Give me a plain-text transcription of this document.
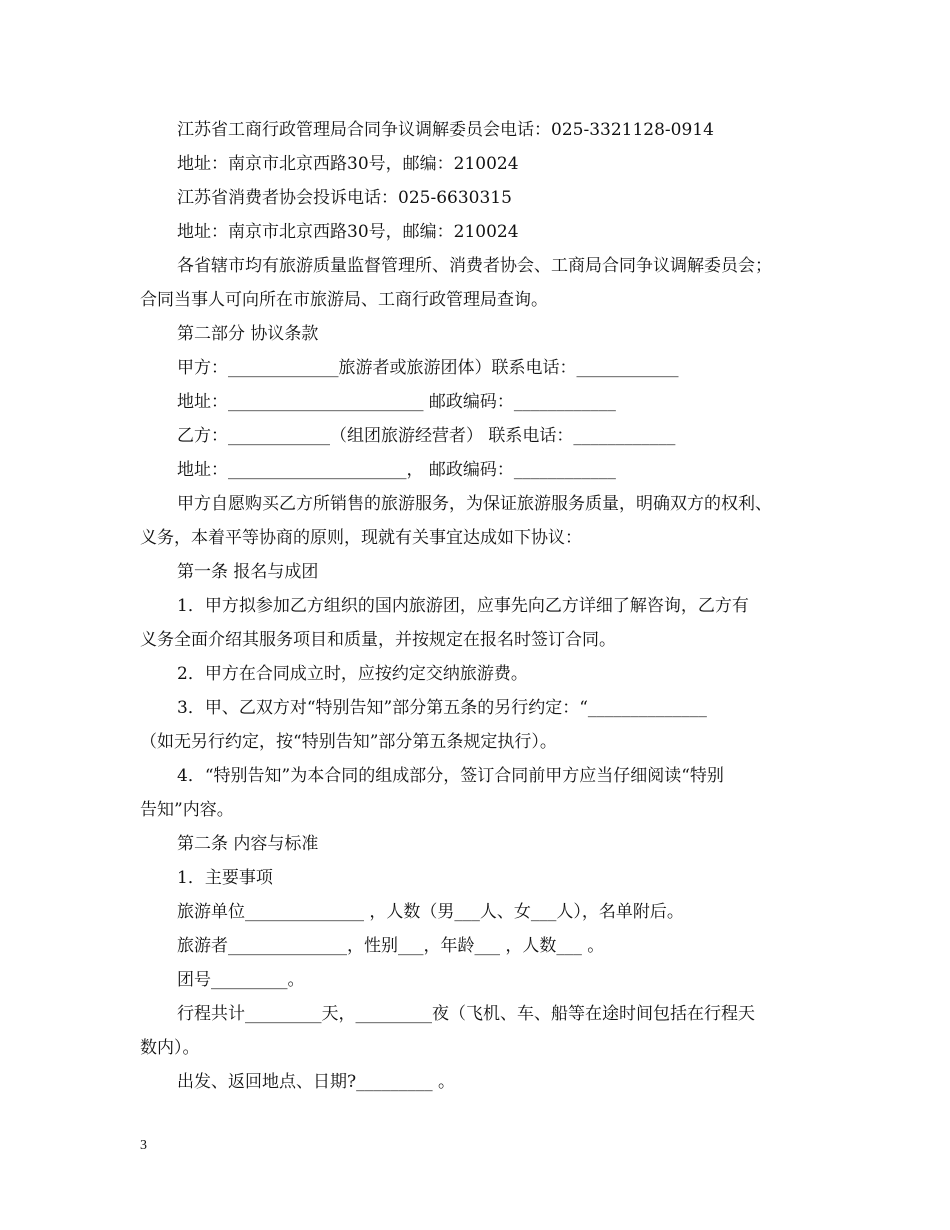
江苏省工商行政管理局合同争议调解委员会电话：025-3321128-0914
地址：南京市北京西路30号，邮编：210024
江苏省消费者协会投诉电话：025-6630315
地址：南京市北京西路30号，邮编：210024
各省辖市均有旅游质量监督管理所、消费者协会、工商局合同争议调解委员会；
合同当事人可向所在市旅游局、工商行政管理局查询。
第二部分 协议条款
甲方：_____________旅游者或旅游团体）联系电话：____________
地址：_______________________ 邮政编码：____________
乙方：____________（组团旅游经营者） 联系电话：____________
地址：_____________________， 邮政编码：____________
甲方自愿购买乙方所销售的旅游服务，为保证旅游服务质量，明确双方的权利、
义务，本着平等协商的原则，现就有关事宜达成如下协议：
第一条 报名与成团
1．甲方拟参加乙方组织的国内旅游团，应事先向乙方详细了解咨询，乙方有
义务全面介绍其服务项目和质量，并按规定在报名时签订合同。
2．甲方在合同成立时，应按约定交纳旅游费。
3．甲、乙双方对“特别告知”部分第五条的另行约定：“______________
（如无另行约定，按“特别告知”部分第五条规定执行）。
4．“特别告知”为本合同的组成部分，签订合同前甲方应当仔细阅读“特别
告知”内容。
第二条 内容与标准
1．主要事项
旅游单位______________ ，人数（男___人、女___人），名单附后。
旅游者______________，性别___，年龄___ ，人数___ 。
团号_________。
行程共计_________天，_________夜（飞机、车、船等在途时间包括在行程天
数内）。
出发、返回地点、日期?_________ 。
3
